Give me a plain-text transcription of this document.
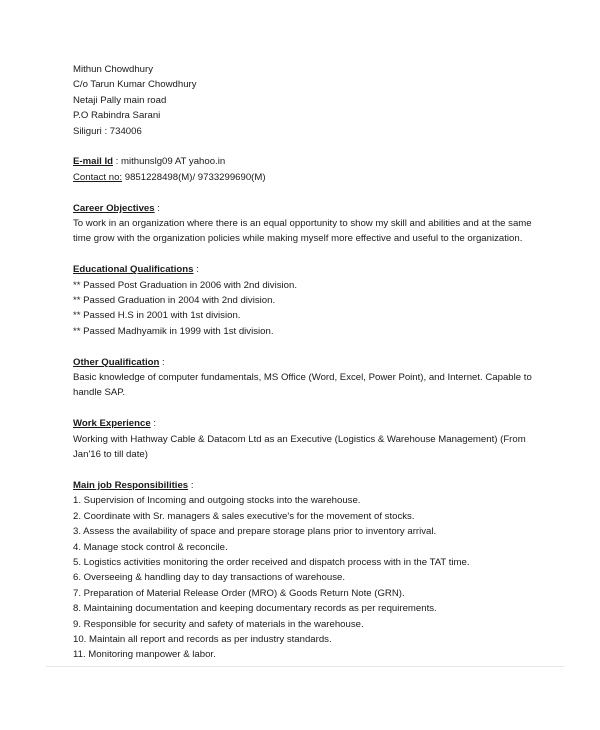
Mithun Chowdhury
C/o Tarun Kumar Chowdhury
Netaji Pally main road
P.O Rabindra Sarani
Siliguri : 734006
E-mail Id : mithunslg09 AT yahoo.in
Contact no: 9851228498(M)/ 9733299690(M)
Career Objectives :
To work in an organization where there is an equal opportunity to show my skill and abilities and at the same time grow with the organization policies while making myself more effective and useful to the organization.
Educational Qualifications :
** Passed Post Graduation in 2006 with 2nd division.
** Passed Graduation in 2004 with 2nd division.
** Passed H.S in 2001 with 1st division.
** Passed Madhyamik in 1999 with 1st division.
Other Qualification :
Basic knowledge of computer fundamentals, MS Office (Word, Excel, Power Point), and Internet. Capable to handle SAP.
Work Experience :
Working with Hathway Cable & Datacom Ltd as an Executive (Logistics & Warehouse Management) (From Jan'16 to till date)
Main job Responsibilities :
1. Supervision of Incoming and outgoing stocks into the warehouse.
2. Coordinate with Sr. managers & sales executive's for the movement of stocks.
3. Assess the availability of space and prepare storage plans prior to inventory arrival.
4. Manage stock control & reconcile.
5. Logistics activities monitoring the order received and dispatch process with in the TAT time.
6. Overseeing & handling day to day transactions of warehouse.
7. Preparation of Material Release Order (MRO) & Goods Return Note (GRN).
8. Maintaining documentation and keeping documentary records as per requirements.
9. Responsible for security and safety of materials in the warehouse.
10. Maintain all report and records as per industry standards.
11. Monitoring manpower & labor.
